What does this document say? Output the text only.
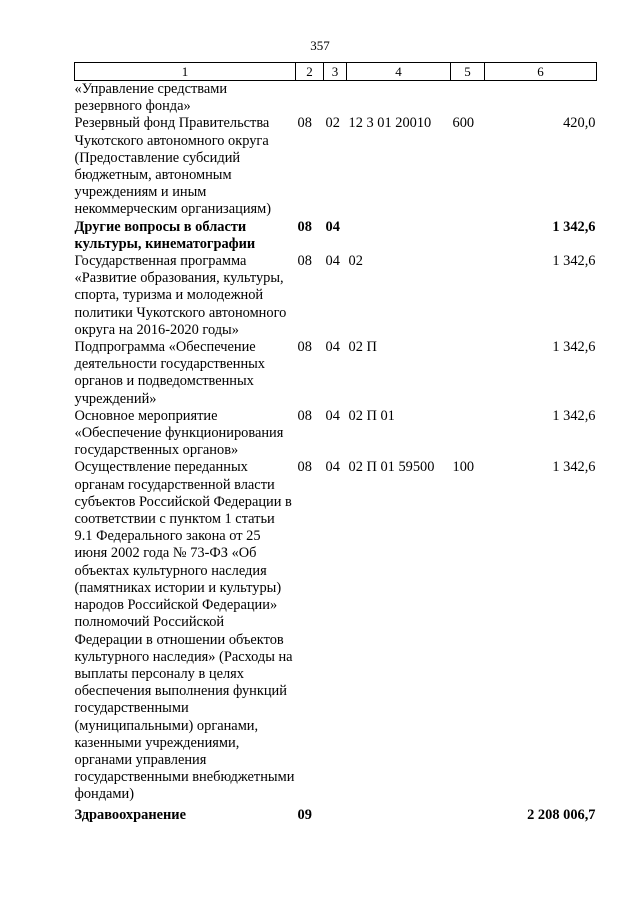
357
1	2	3	4	5	6
«Управление средствами резервного фонда»					
Резервный фонд Правительства Чукотского автономного округа (Предоставление субсидий бюджетным, автономным учреждениям и иным некоммерческим организациям)	08	02	12 3 01 20010	600	420,0
Другие вопросы в области культуры, кинематографии	08	04			1 342,6
Государственная программа «Развитие образования, культуры, спорта, туризма и молодежной политики Чукотского автономного округа на 2016-2020 годы»	08	04	02		1 342,6
Подпрограмма «Обеспечение деятельности государственных органов и подведомственных учреждений»	08	04	02 П		1 342,6
Основное мероприятие «Обеспечение функционирования государственных органов»	08	04	02 П 01		1 342,6
Осуществление переданных органам государственной власти субъектов Российской Федерации в соответствии с пунктом 1 статьи 9.1 Федерального закона от 25 июня 2002 года № 73-ФЗ «Об объектах культурного наследия (памятниках истории и культуры) народов Российской Федерации» полномочий Российской Федерации в отношении объектов культурного наследия» (Расходы на выплаты персоналу в целях обеспечения выполнения функций государственными (муниципальными) органами, казенными учреждениями, органами управления государственными внебюджетными фондами)	08	04	02 П 01 59500	100	1 342,6
Здравоохранение	09				2 208 006,7
